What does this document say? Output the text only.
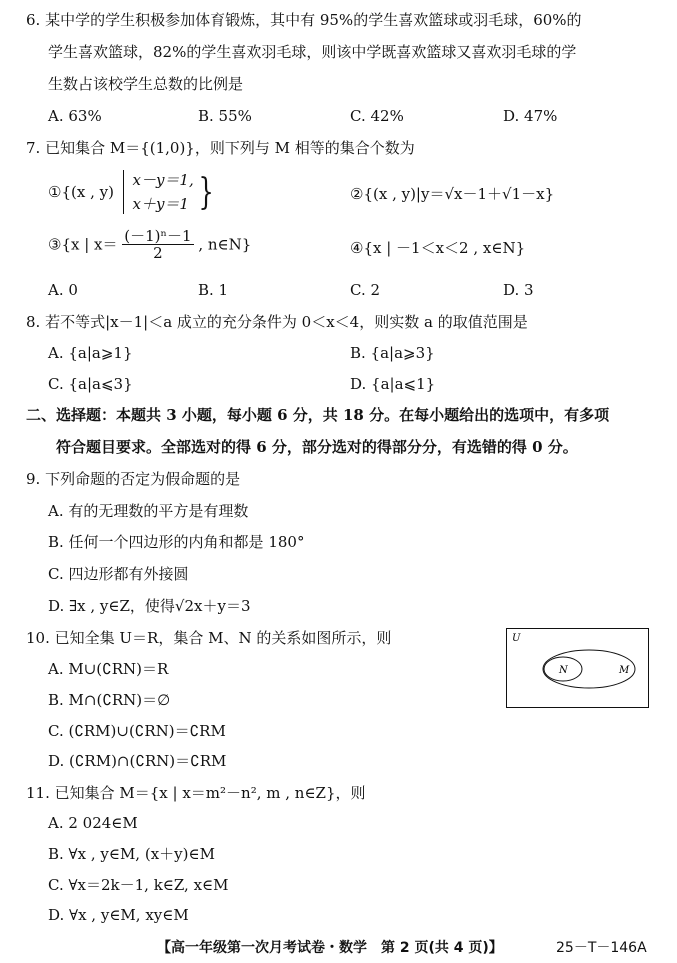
6. 某中学的学生积极参加体育锻炼，其中有 95%的学生喜欢篮球或羽毛球，60%的
学生喜欢篮球，82%的学生喜欢羽毛球，则该中学既喜欢篮球又喜欢羽毛球的学
生数占该校学生总数的比例是
A. 63%	B. 55%	C. 42%	D. 47%
7. 已知集合 M＝{(1,0)}，则下列与 M 相等的集合个数为
①{(x , y)
x－y＝1,
x＋y＝1 }	②{(x , y)|y＝√x－1＋√1－x}
③{x | $x= \frac{\text{(－1)ⁿ－1}}{2}$ , n∈N}	④{x | －1＜x＜2 , x∈N}
A. 0	B. 1	C. 2	D. 3
8. 若不等式|x－1|＜a 成立的充分条件为 0＜x＜4，则实数 a 的取值范围是
A. {a|a⩾1}	B. {a|a⩾3}
C. {a|a⩽3}	D. {a|a⩽1}
二、选择题：本题共 3 小题，每小题 6 分，共 18 分。在每小题给出的选项中，有多项
符合题目要求。全部选对的得 6 分，部分选对的得部分分，有选错的得 0 分。
9. 下列命题的否定为假命题的是
A. 有的无理数的平方是有理数
B. 任何一个四边形的内角和都是 180°
C. 四边形都有外接圆
D. ∃x , y∈Z，使得√2x＋y＝3
10. 已知全集 U＝R，集合 M、N 的关系如图所示，则
A. M∪(∁RN)＝R
B. M∩(∁RN)＝∅
C. (∁RM)∪(∁RN)＝∁RM
D. (∁RM)∩(∁RN)＝∁RM
U
N	M
11. 已知集合 M＝{x | x＝m²－n², m , n∈Z}，则
A. 2 024∈M
B. ∀x , y∈M, (x＋y)∈M
C. ∀x＝2k－1, k∈Z, x∈M
D. ∀x , y∈M, xy∈M
【高一年级第一次月考试卷・数学　第 2 页(共 4 页)】	25－T－146A
